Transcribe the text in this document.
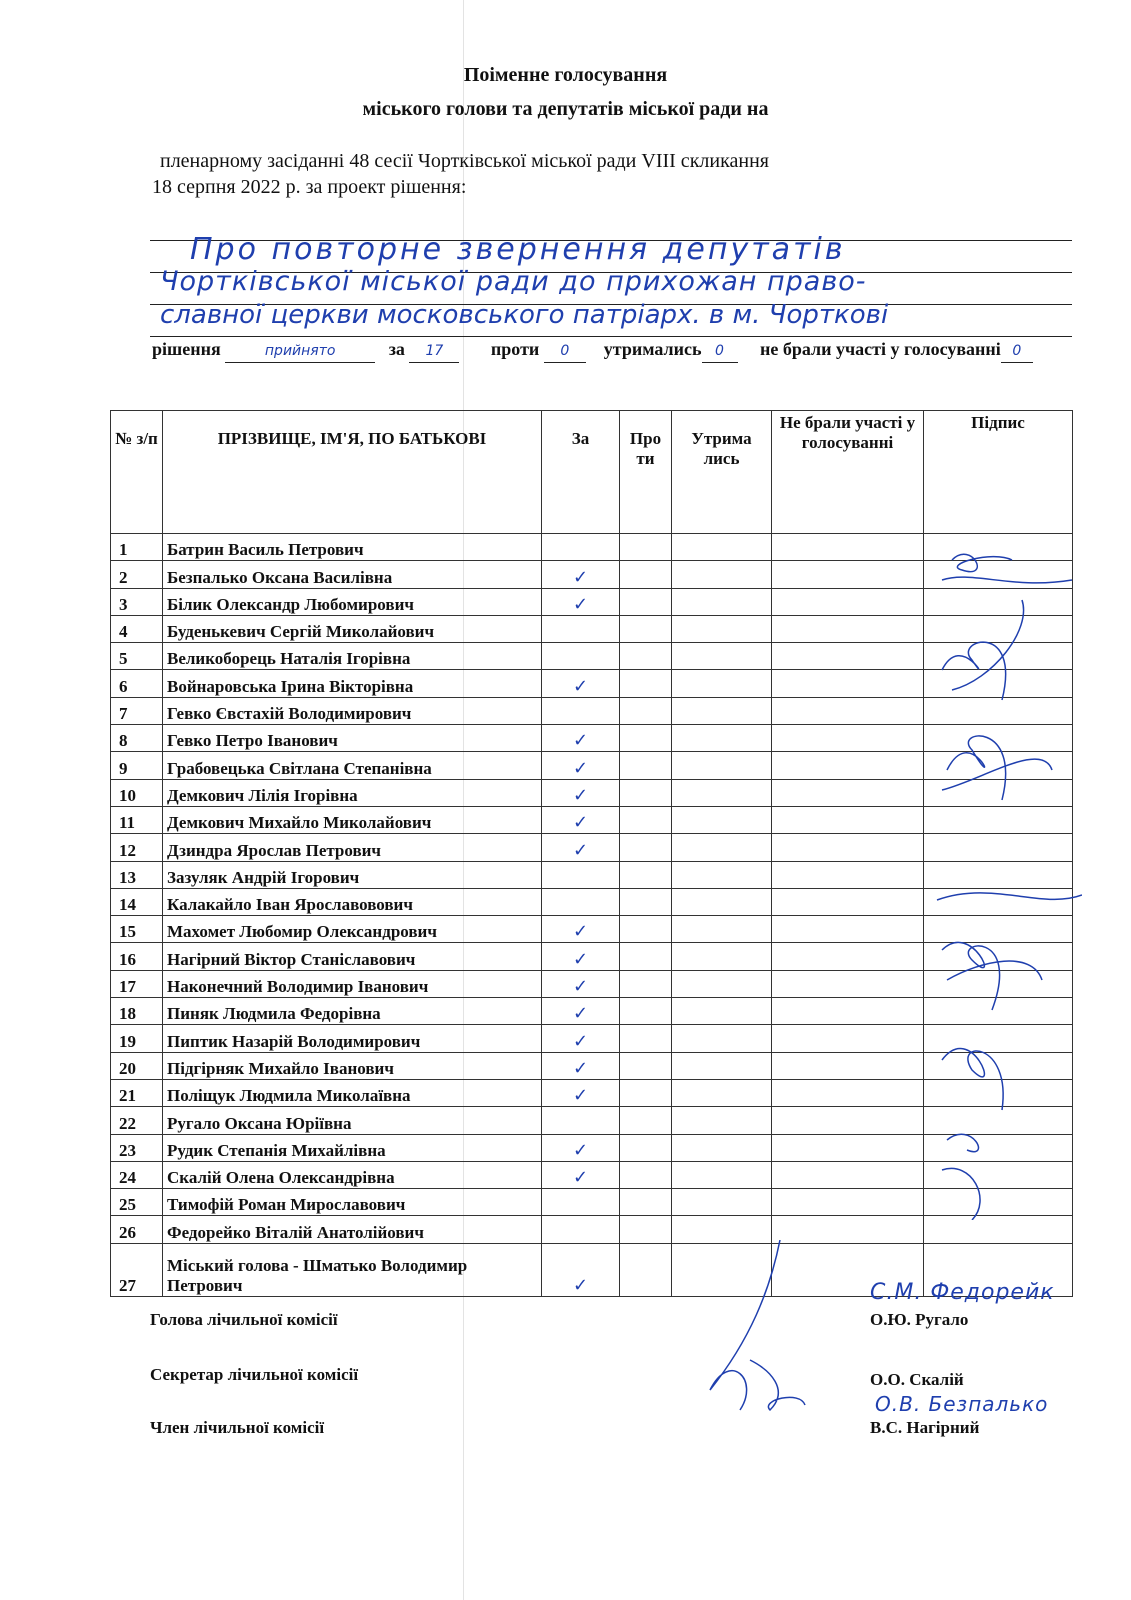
Поіменне голосування
міського голови та депутатів міської ради на
пленарному засіданні 48 сесії Чортківської міської ради VIII скликання
18 серпня 2022 р. за проект рішення:
Про повторне звернення депутатів
Чортківської міської ради до прихожан право-
славної церкви московського патріарх. в м. Чорткові
рішення	прийнято	за 17	проти 0 утримались 0 не брали участі у голосуванні 0
№ з/п	ПРІЗВИЩЕ, ІМ'Я, ПО БАТЬКОВІ	За	Про ти	Утрима лись	Не брали участі у голосуванні	Підпис
1	Батрин Василь Петрович					
2	Безпалько Оксана Василівна	✓				
3	Білик Олександр Любомирович	✓				
4	Буденькевич Сергій Миколайович					
5	Великоборець Наталія Ігорівна					
6	Войнаровська Ірина Вікторівна	✓				
7	Гевко Євстахій Володимирович					
8	Гевко Петро Іванович	✓				
9	Грабовецька Світлана Степанівна	✓				
10	Демкович Лілія Ігорівна	✓				
11	Демкович Михайло Миколайович	✓				
12	Дзиндра Ярослав Петрович	✓				
13	Зазуляк Андрій Ігорович					
14	Калакайло Іван Ярославовович					
15	Махомет Любомир Олександрович	✓				
16	Нагірний Віктор Станіславович	✓				
17	Наконечний Володимир Іванович	✓				
18	Пиняк Людмила Федорівна	✓				
19	Пиптик Назарій Володимирович	✓				
20	Підгірняк Михайло Іванович	✓				
21	Поліщук Людмила Миколаївна	✓				
22	Ругало Оксана Юріївна					
23	Рудик Степанія Михайлівна	✓				
24	Скалій Олена Олександрівна	✓				
25	Тимофій Роман Мирославович					
26	Федорейко Віталій Анатолійович					
27	Міський голова - Шматько Володимир Петрович	✓				
Голова лічильної комісії	О.Ю. Ругало
Секретар лічильної комісії	О.О. Скалій
Член лічильної комісії	В.С. Нагірний
С.М. Федорейк
О.В. Безпалько
